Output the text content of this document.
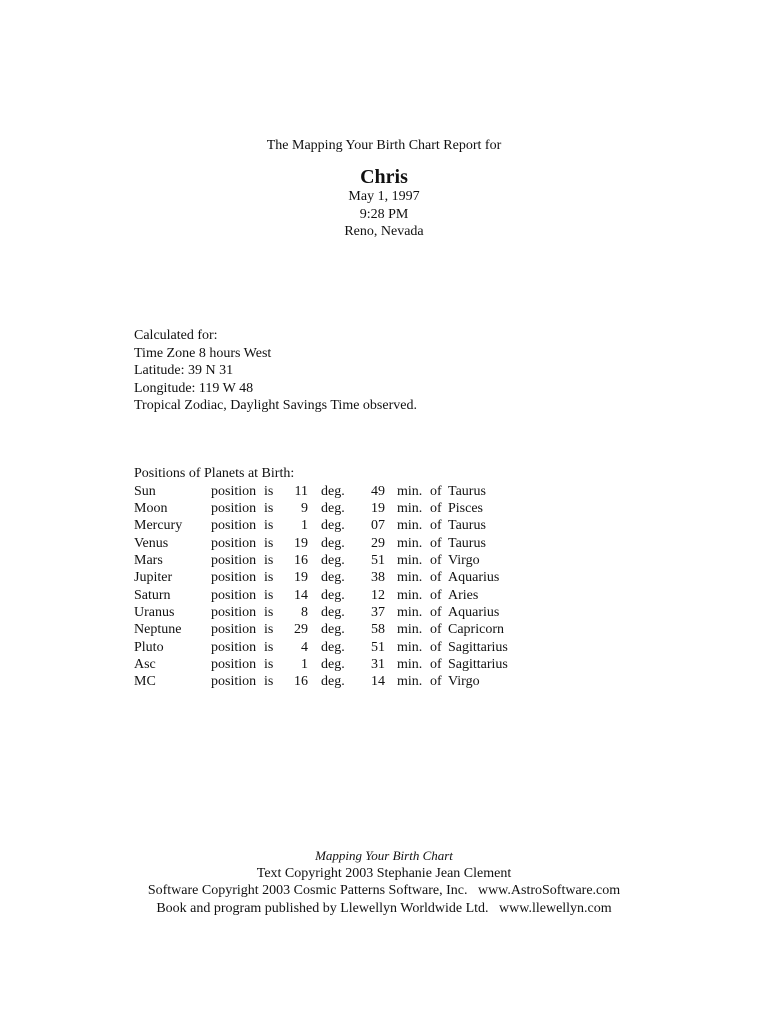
The Mapping Your Birth Chart Report for
Chris
May 1, 1997
9:28 PM
Reno, Nevada
Calculated for:
Time Zone 8 hours West
Latitude: 39 N 31
Longitude: 119 W 48
Tropical Zodiac, Daylight Savings Time observed.
Positions of Planets at Birth:
Sun	position	is	11	deg.	49	min.	of	Taurus
Moon	position	is	9	deg.	19	min.	of	Pisces
Mercury	position	is	1	deg.	07	min.	of	Taurus
Venus	position	is	19	deg.	29	min.	of	Taurus
Mars	position	is	16	deg.	51	min.	of	Virgo
Jupiter	position	is	19	deg.	38	min.	of	Aquarius
Saturn	position	is	14	deg.	12	min.	of	Aries
Uranus	position	is	8	deg.	37	min.	of	Aquarius
Neptune	position	is	29	deg.	58	min.	of	Capricorn
Pluto	position	is	4	deg.	51	min.	of	Sagittarius
Asc	position	is	1	deg.	31	min.	of	Sagittarius
MC	position	is	16	deg.	14	min.	of	Virgo
Mapping Your Birth Chart
Text Copyright 2003 Stephanie Jean Clement
Software Copyright 2003 Cosmic Patterns Software, Inc.   www.AstroSoftware.com
Book and program published by Llewellyn Worldwide Ltd.   www.llewellyn.com
